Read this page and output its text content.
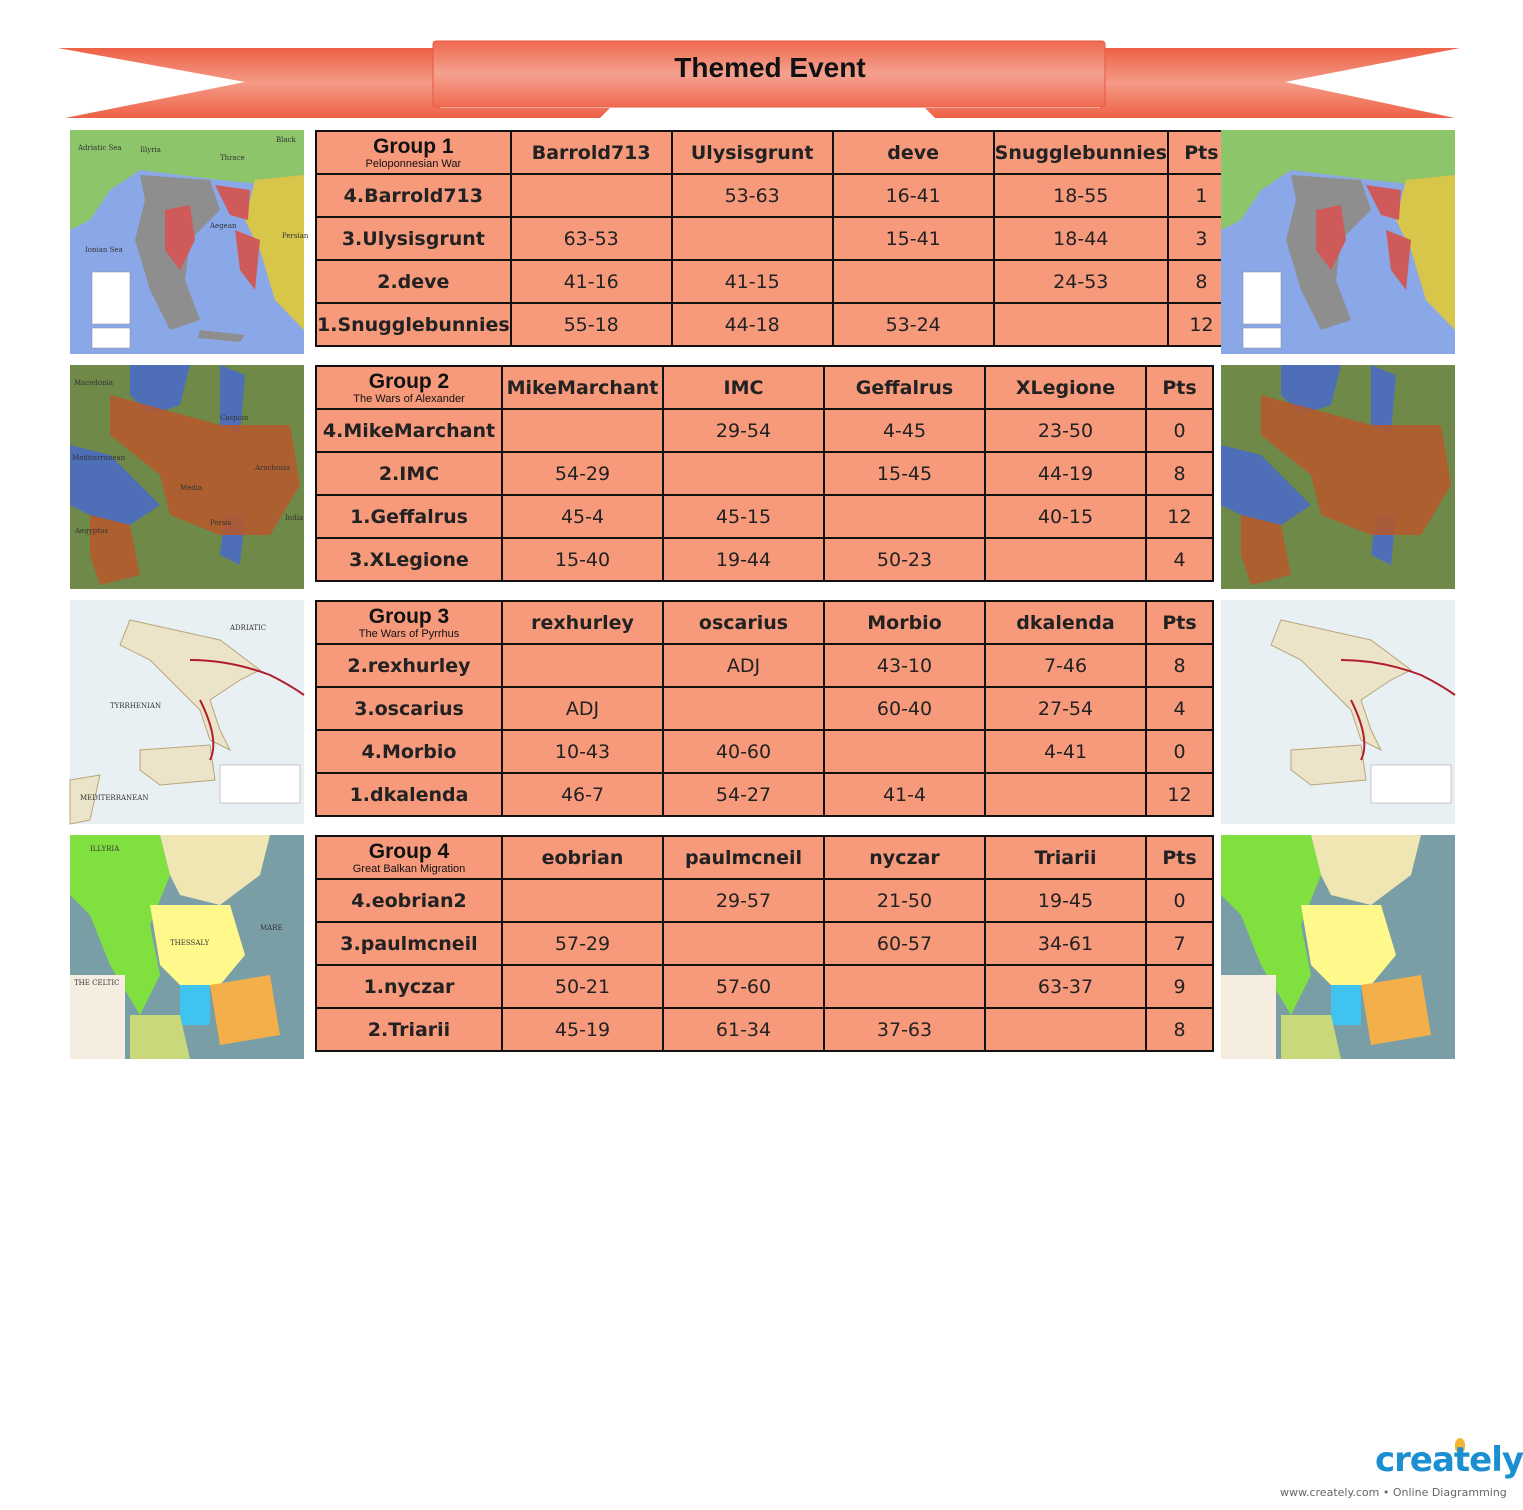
Themed Event
Adriatic Sea	Illyria
Thrace
Black
Aegean
Ionian Sea
Persian
Group 1
Peloponnesian War	Barrold713	Ulysisgrunt	deve	Snugglebunnies	Pts
4.Barrold713		53-63	16-41	18-55	1
3.Ulysisgrunt	63-53		15-41	18-44	3
2.deve	41-16	41-15		24-53	8
1.Snugglebunnies	55-18	44-18	53-24		12
Macedonia
Caspian
Mediterranean
Media
Arachosia
Aegyptus
Persis
India
Group 2
The Wars of Alexander	MikeMarchant	IMC	Geffalrus	XLegione	Pts
4.MikeMarchant		29-54	4-45	23-50	0
2.IMC	54-29		15-45	44-19	8
1.Geffalrus	45-4	45-15		40-15	12
3.XLegione	15-40	19-44	50-23		4
TYRRHENIAN
ADRIATIC
MEDITERRANEAN
Group 3
The Wars of Pyrrhus	rexhurley	oscarius	Morbio	dkalenda	Pts
2.rexhurley		ADJ	43-10	7-46	8
3.oscarius	ADJ		60-40	27-54	4
4.Morbio	10-43	40-60		4-41	0
1.dkalenda	46-7	54-27	41-4		12
ILLYRIA
THESSALY
MARE
THE CELTIC
Group 4
Great Balkan Migration	eobrian	paulmcneil	nyczar	Triarii	Pts
4.eobrian2		29-57	21-50	19-45	0
3.paulmcneil	57-29		60-57	34-61	7
1.nyczar	50-21	57-60		63-37	9
2.Triarii	45-19	61-34	37-63		8
creately
www.creately.com • Online Diagramming
